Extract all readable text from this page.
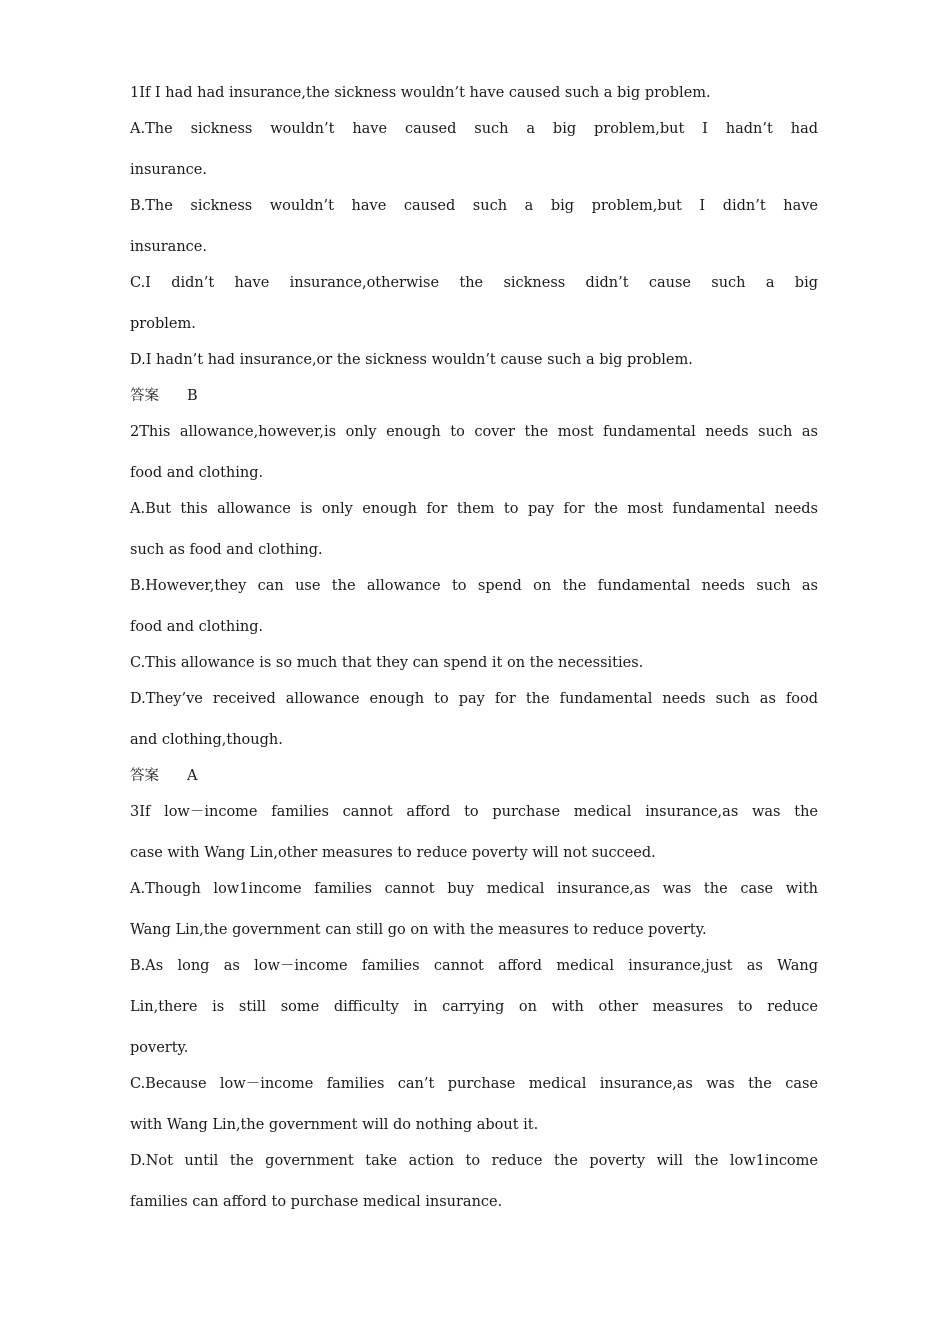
1If I had had insurance,the sickness wouldn’t have caused such a big problem.
A.The sickness wouldn’t have caused such a big problem,but I hadn’t had
insurance.
B.The sickness wouldn’t have caused such a big problem,but I didn’t have
insurance.
C.I didn’t have insurance,otherwise the sickness didn’t cause such a big
problem.
D.I hadn’t had insurance,or the sickness wouldn’t cause such a big problem.
答案 B
2This allowance,however,is only enough to cover the most fundamental needs such as
food and clothing.
A.But this allowance is only enough for them to pay for the most fundamental needs
such as food and clothing.
B.However,they can use the allowance to spend on the fundamental needs such as
food and clothing.
C.This allowance is so much that they can spend it on the necessities.
D.They’ve received allowance enough to pay for the fundamental needs such as food
and clothing,though.
答案 A
3If low－income families cannot afford to purchase medical insurance,as was the
case with Wang Lin,other measures to reduce poverty will not succeed.
A.Though low1income families cannot buy medical insurance,as was the case with
Wang Lin,the government can still go on with the measures to reduce poverty.
B.As long as low－income families cannot afford medical insurance,just as Wang
Lin,there is still some difficulty in carrying on with other measures to reduce
poverty.
C.Because low－income families can’t purchase medical insurance,as was the case
with Wang Lin,the government will do nothing about it.
D.Not until the government take action to reduce the poverty will the low1income
families can afford to purchase medical insurance.
